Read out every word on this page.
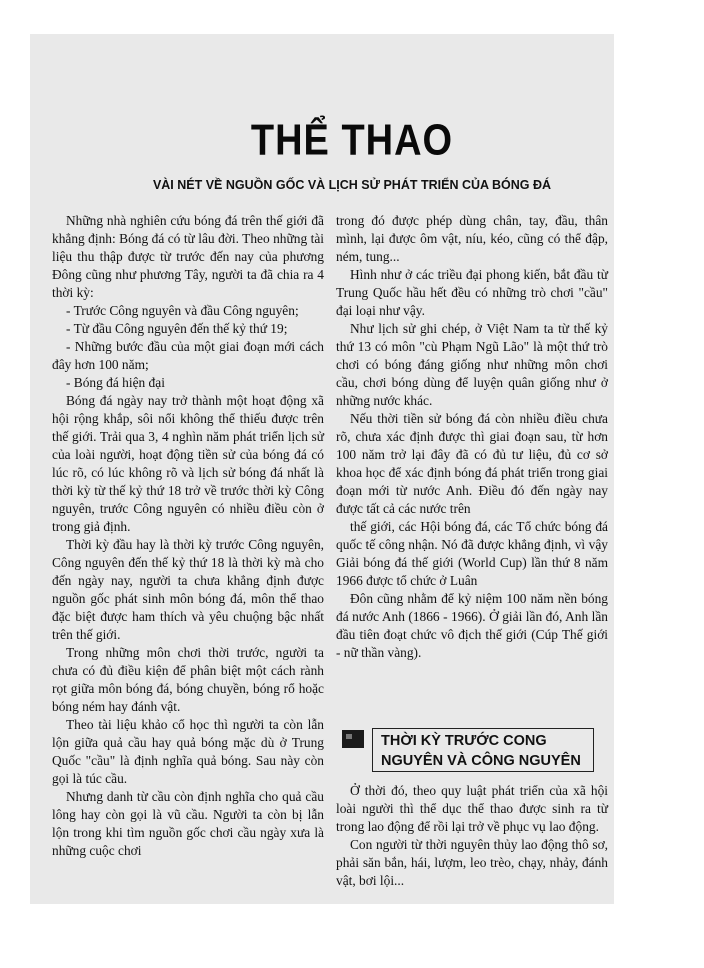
THỂ THAO
VÀI NÉT VỀ NGUỒN GỐC VÀ LỊCH SỬ PHÁT TRIỂN CỦA BÓNG ĐÁ

Những nhà nghiên cứu bóng đá trên thế giới đã khẳng định: Bóng đá có từ lâu đời. Theo những tài liệu thu thập được từ trước đến nay của phương Đông cũng như phương Tây, người ta đã chia ra 4 thời kỳ:

- Trước Công nguyên và đầu Công nguyên;

- Từ đầu Công nguyên đến thế kỷ thứ 19;

- Những bước đầu của một giai đoạn mới cách đây hơn 100 năm;

- Bóng đá hiện đại

Bóng đá ngày nay trở thành một hoạt động xã hội rộng khắp, sôi nổi không thể thiếu được trên thế giới. Trải qua 3, 4 nghìn năm phát triển lịch sử của loài người, hoạt động tiền sử của bóng đá có lúc rõ, có lúc không rõ và lịch sử bóng đá nhất là thời kỳ từ thế kỷ thứ 18 trở về trước thời kỳ Công nguyên, trước Công nguyên có nhiều điều còn ở trong giả định.

Thời kỳ đầu hay là thời kỳ trước Công nguyên, Công nguyên đến thế kỷ thứ 18 là thời kỳ mà cho đến ngày nay, người ta chưa khẳng định được nguồn gốc phát sinh môn bóng đá, môn thể thao đặc biệt được ham thích và yêu chuộng bậc nhất trên thế giới.

Trong những môn chơi thời trước, người ta chưa có đủ điều kiện để phân biệt một cách rành rọt giữa môn bóng đá, bóng chuyền, bóng rổ hoặc bóng ném hay đánh vật.

Theo tài liệu khảo cổ học thì người ta còn lẫn lộn giữa quả cầu hay quả bóng mặc dù ở Trung Quốc "cầu" là định nghĩa quả bóng. Sau này còn gọi là túc cầu.

Nhưng danh từ cầu còn định nghĩa cho quả cầu lông hay còn gọi là vũ cầu. Người ta còn bị lẫn lộn trong khi tìm nguồn gốc chơi cầu ngày xưa là những cuộc chơi

trong đó được phép dùng chân, tay, đầu, thân mình, lại được ôm vật, níu, kéo, cũng có thể đập, ném, tung...

Hình như ở các triều đại phong kiến, bắt đầu từ Trung Quốc hầu hết đều có những trò chơi "cầu" đại loại như vậy.

Như lịch sử ghi chép, ở Việt Nam ta từ thế kỷ thứ 13 có môn "cù Phạm Ngũ Lão" là một thứ trò chơi có bóng đáng giống như những môn chơi cầu, chơi bóng dùng để luyện quân giống như ở những nước khác.

Nếu thời tiền sử bóng đá còn nhiều điều chưa rõ, chưa xác định được thì giai đoạn sau, từ hơn 100 năm trở lại đây đã có đủ tư liệu, đủ cơ sở khoa học để xác định bóng đá phát triển trong giai đoạn mới từ nước Anh. Điều đó đến ngày nay được tất cả các nước trên

thế giới, các Hội bóng đá, các Tổ chức bóng đá quốc tế công nhận. Nó đã được khẳng định, vì vậy Giải bóng đá thế giới (World Cup) lần thứ 8 năm 1966 được tổ chức ở Luân

Đôn cũng nhằm để kỷ niệm 100 năm nền bóng đá nước Anh (1866 - 1966). Ở giải lần đó, Anh lần đầu tiên đoạt chức vô địch thế giới (Cúp Thế giới - nữ thần vàng).

THỜI KỲ TRƯỚC CONG
NGUYÊN VÀ CÔNG NGUYÊN

Ở thời đó, theo quy luật phát triển của xã hội loài người thì thể dục thể thao được sinh ra từ trong lao động để rồi lại trở về phục vụ lao động.

Con người từ thời nguyên thủy lao động thô sơ, phải săn bắn, hái, lượm, leo trèo, chạy, nhảy, đánh vật, bơi lội...
